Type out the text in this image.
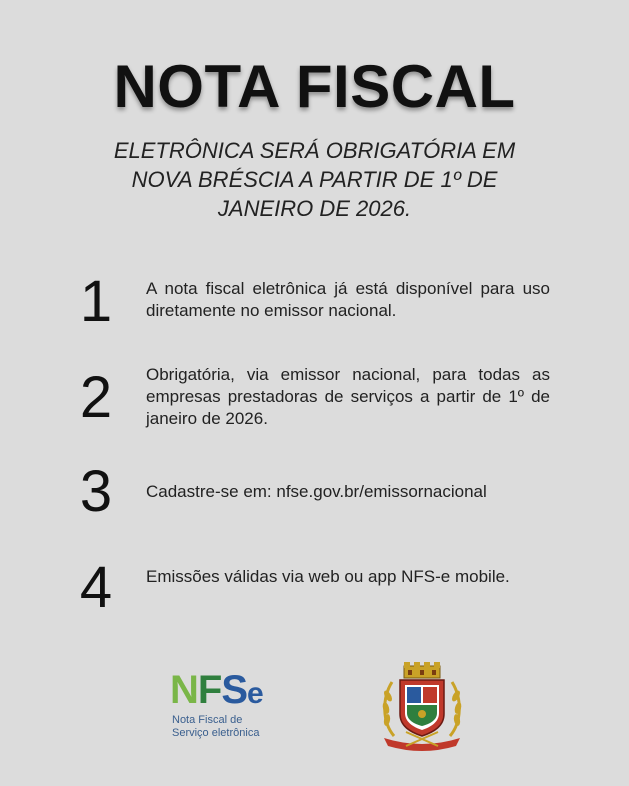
NOTA FISCAL
ELETRÔNICA SERÁ OBRIGATÓRIA EM NOVA BRÉSCIA A PARTIR DE 1º DE JANEIRO DE 2026.
1	A nota fiscal eletrônica já está disponível para uso diretamente no emissor nacional.
2	Obrigatória, via emissor nacional, para todas as empresas prestadoras de serviços a partir de 1º de janeiro de 2026.
3	Cadastre-se em: nfse.gov.br/emissornacional
4	Emissões válidas via web ou app NFS-e mobile.
NFSe
Nota Fiscal de
Serviço eletrônica
